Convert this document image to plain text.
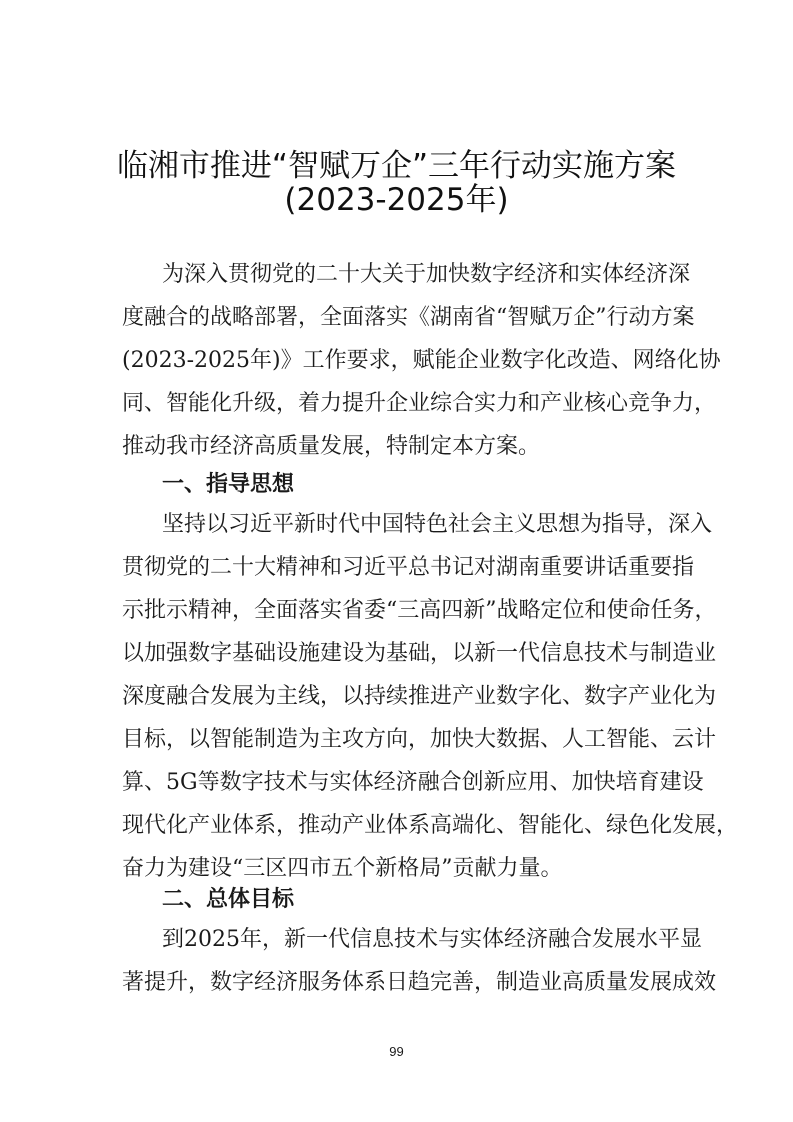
临湘市推进“智赋万企”三年行动实施方案
(2023-2025年)
为深入贯彻党的二十大关于加快数字经济和实体经济深
度融合的战略部署，全面落实《湖南省“智赋万企”行动方案
(2023-2025年)》工作要求，赋能企业数字化改造、网络化协
同、智能化升级，着力提升企业综合实力和产业核心竞争力，
推动我市经济高质量发展，特制定本方案。
一、指导思想
坚持以习近平新时代中国特色社会主义思想为指导，深入
贯彻党的二十大精神和习近平总书记对湖南重要讲话重要指
示批示精神，全面落实省委“三高四新”战略定位和使命任务，
以加强数字基础设施建设为基础，以新一代信息技术与制造业
深度融合发展为主线，以持续推进产业数字化、数字产业化为
目标，以智能制造为主攻方向，加快大数据、人工智能、云计
算、5G等数字技术与实体经济融合创新应用、加快培育建设
现代化产业体系，推动产业体系高端化、智能化、绿色化发展，
奋力为建设“三区四市五个新格局”贡献力量。
二、总体目标
到2025年，新一代信息技术与实体经济融合发展水平显
著提升，数字经济服务体系日趋完善，制造业高质量发展成效
99
